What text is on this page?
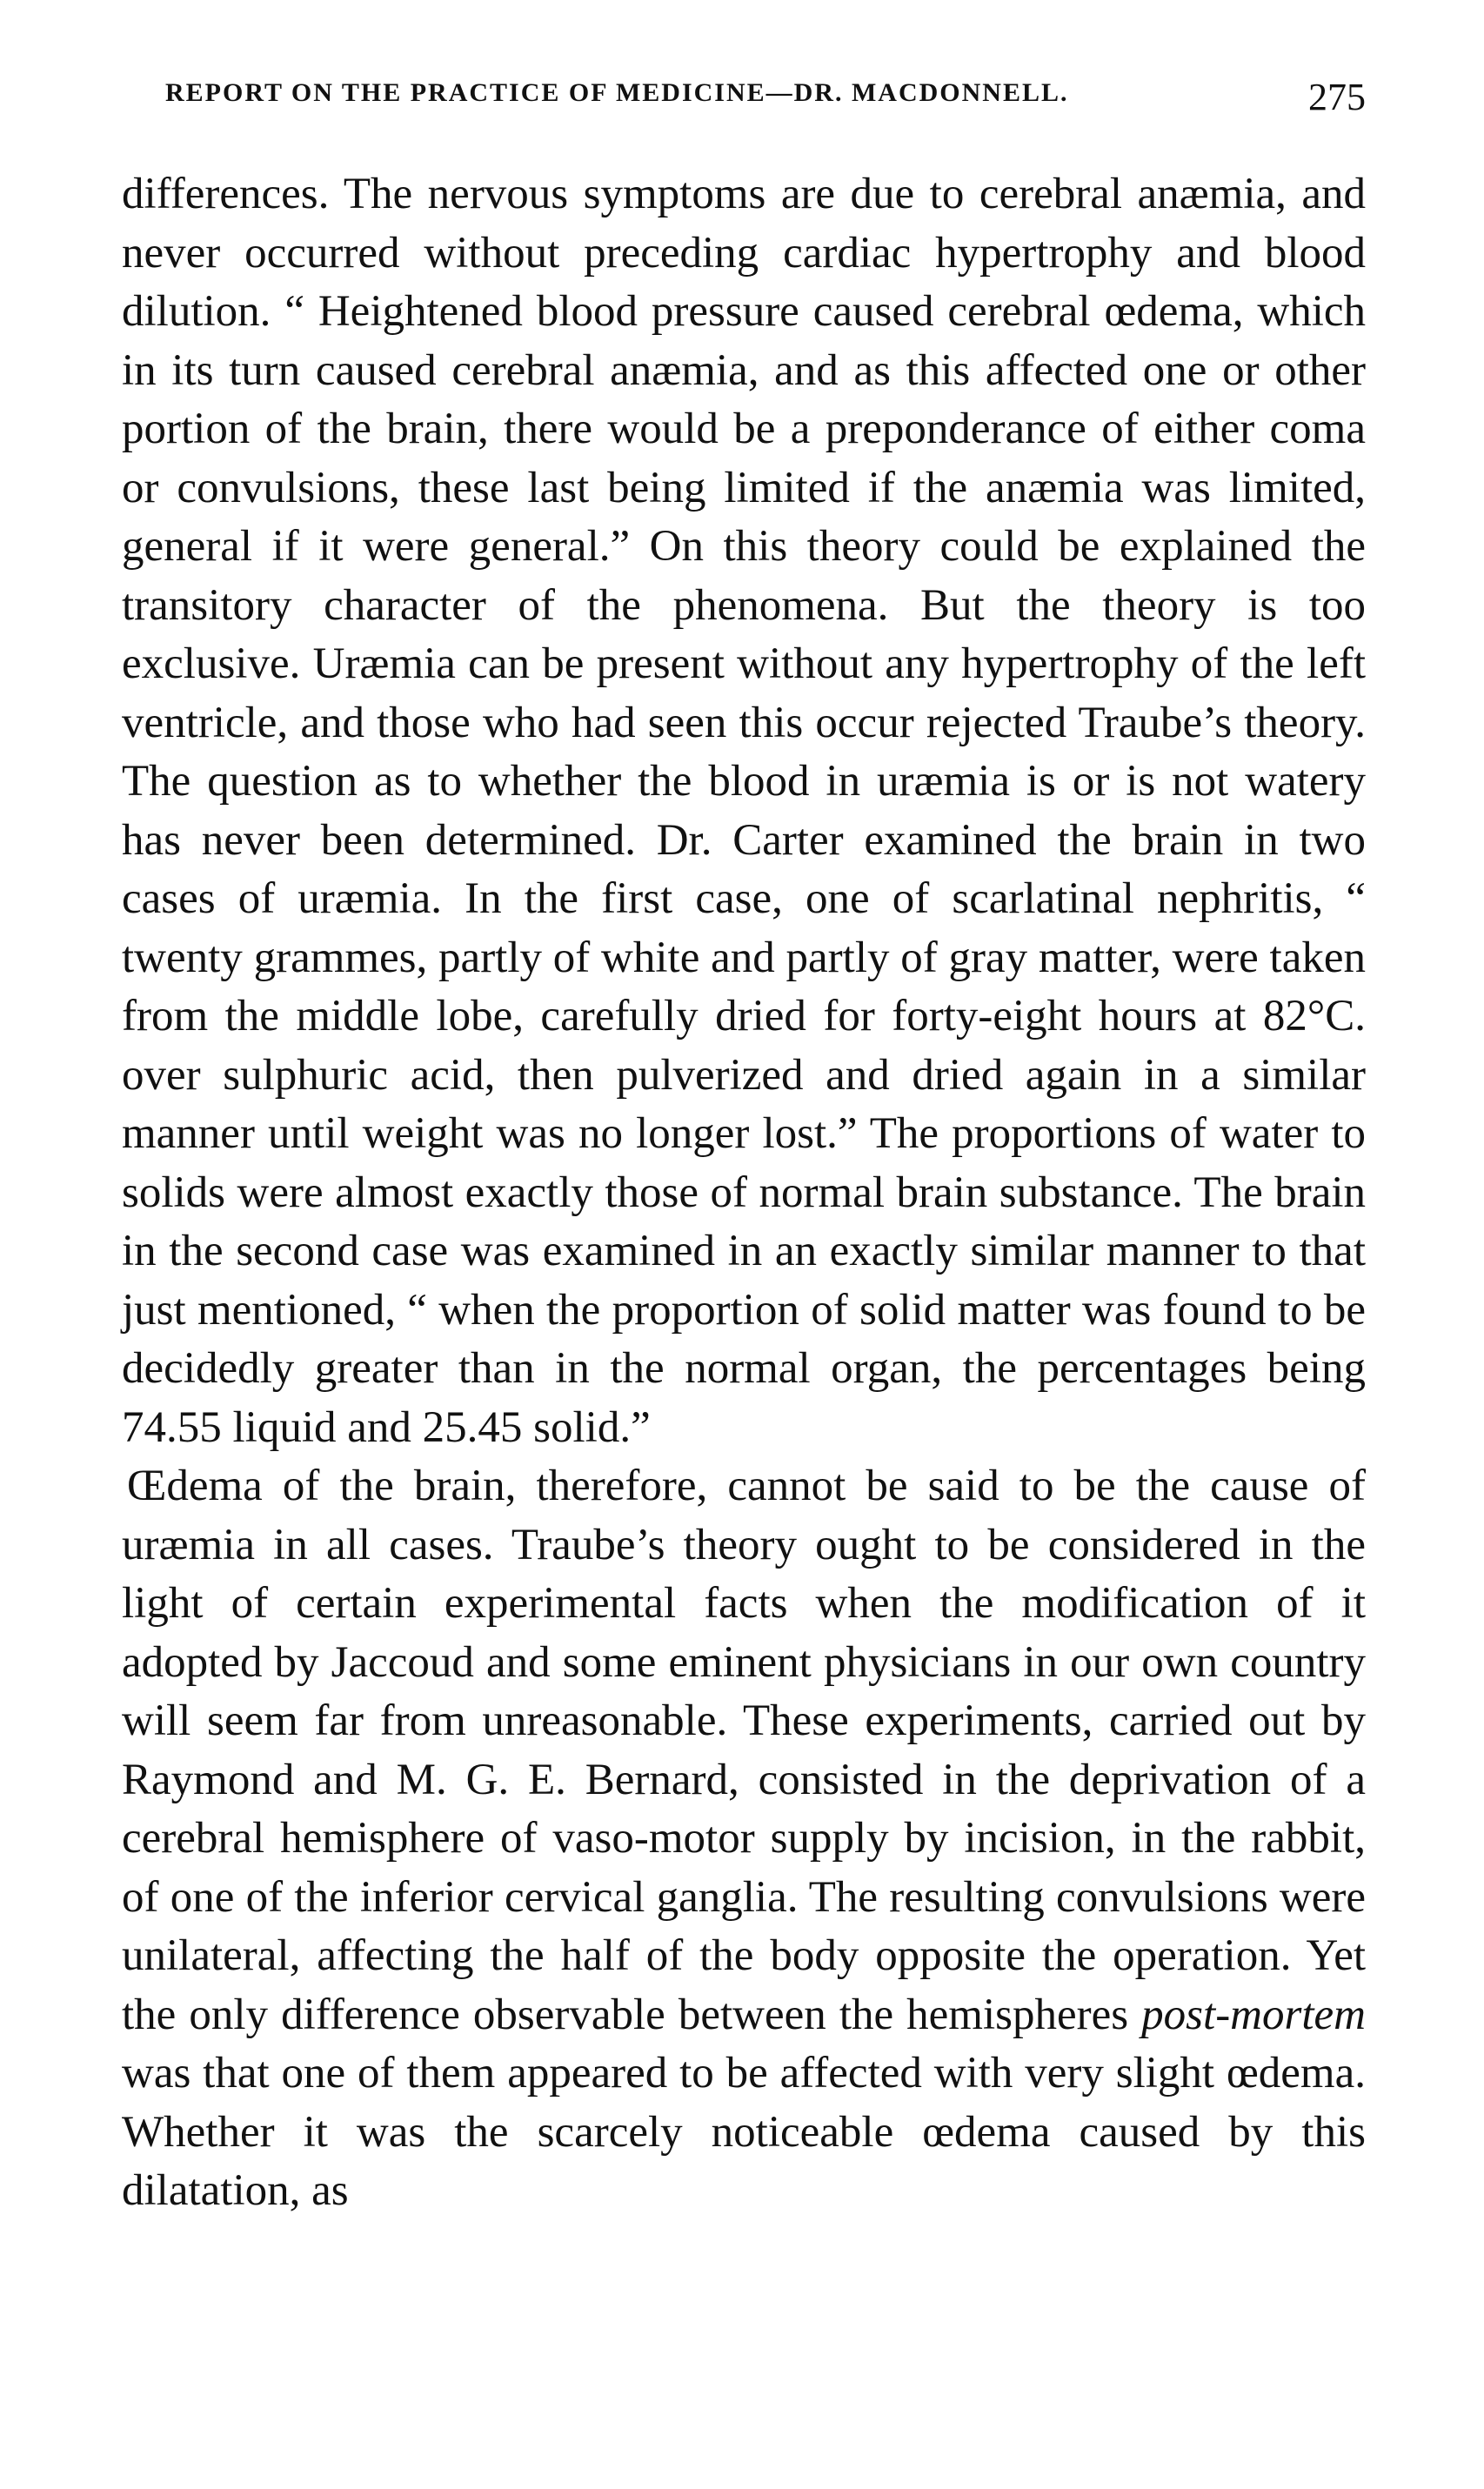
REPORT ON THE PRACTICE OF MEDICINE—DR. MACDONNELL.	275

differences. The nervous symptoms are due to cerebral anæmia, and never occurred without preceding cardiac hypertrophy and blood dilution. “ Heightened blood pressure caused cerebral œdema, which in its turn caused cerebral anæmia, and as this affected one or other portion of the brain, there would be a preponderance of either coma or convulsions, these last being limited if the anæmia was limited, general if it were general.” On this theory could be explained the transitory character of the phenomena. But the theory is too exclusive. Uræmia can be present without any hypertrophy of the left ventricle, and those who had seen this occur rejected Traube’s theory. The question as to whether the blood in uræmia is or is not watery has never been determined. Dr. Carter examined the brain in two cases of uræmia. In the first case, one of scarlatinal nephritis, “ twenty grammes, partly of white and partly of gray matter, were taken from the middle lobe, carefully dried for forty-eight hours at 82°C. over sulphuric acid, then pulverized and dried again in a similar manner until weight was no longer lost.” The proportions of water to solids were almost exactly those of normal brain substance. The brain in the second case was examined in an exactly similar manner to that just mentioned, “ when the proportion of solid matter was found to be decidedly greater than in the normal organ, the percentages being 74.55 liquid and 25.45 solid.”

Œdema of the brain, therefore, cannot be said to be the cause of uræmia in all cases. Traube’s theory ought to be considered in the light of certain experimental facts when the modification of it adopted by Jaccoud and some eminent physicians in our own country will seem far from unreasonable. These experiments, carried out by Raymond and M. G. E. Bernard, consisted in the deprivation of a cerebral hemisphere of vaso-motor supply by incision, in the rabbit, of one of the inferior cervical ganglia. The resulting convulsions were unilateral, affecting the half of the body opposite the operation. Yet the only difference observable between the hemispheres post-mortem was that one of them appeared to be affected with very slight œdema. Whether it was the scarcely noticeable œdema caused by this dilatation, as
